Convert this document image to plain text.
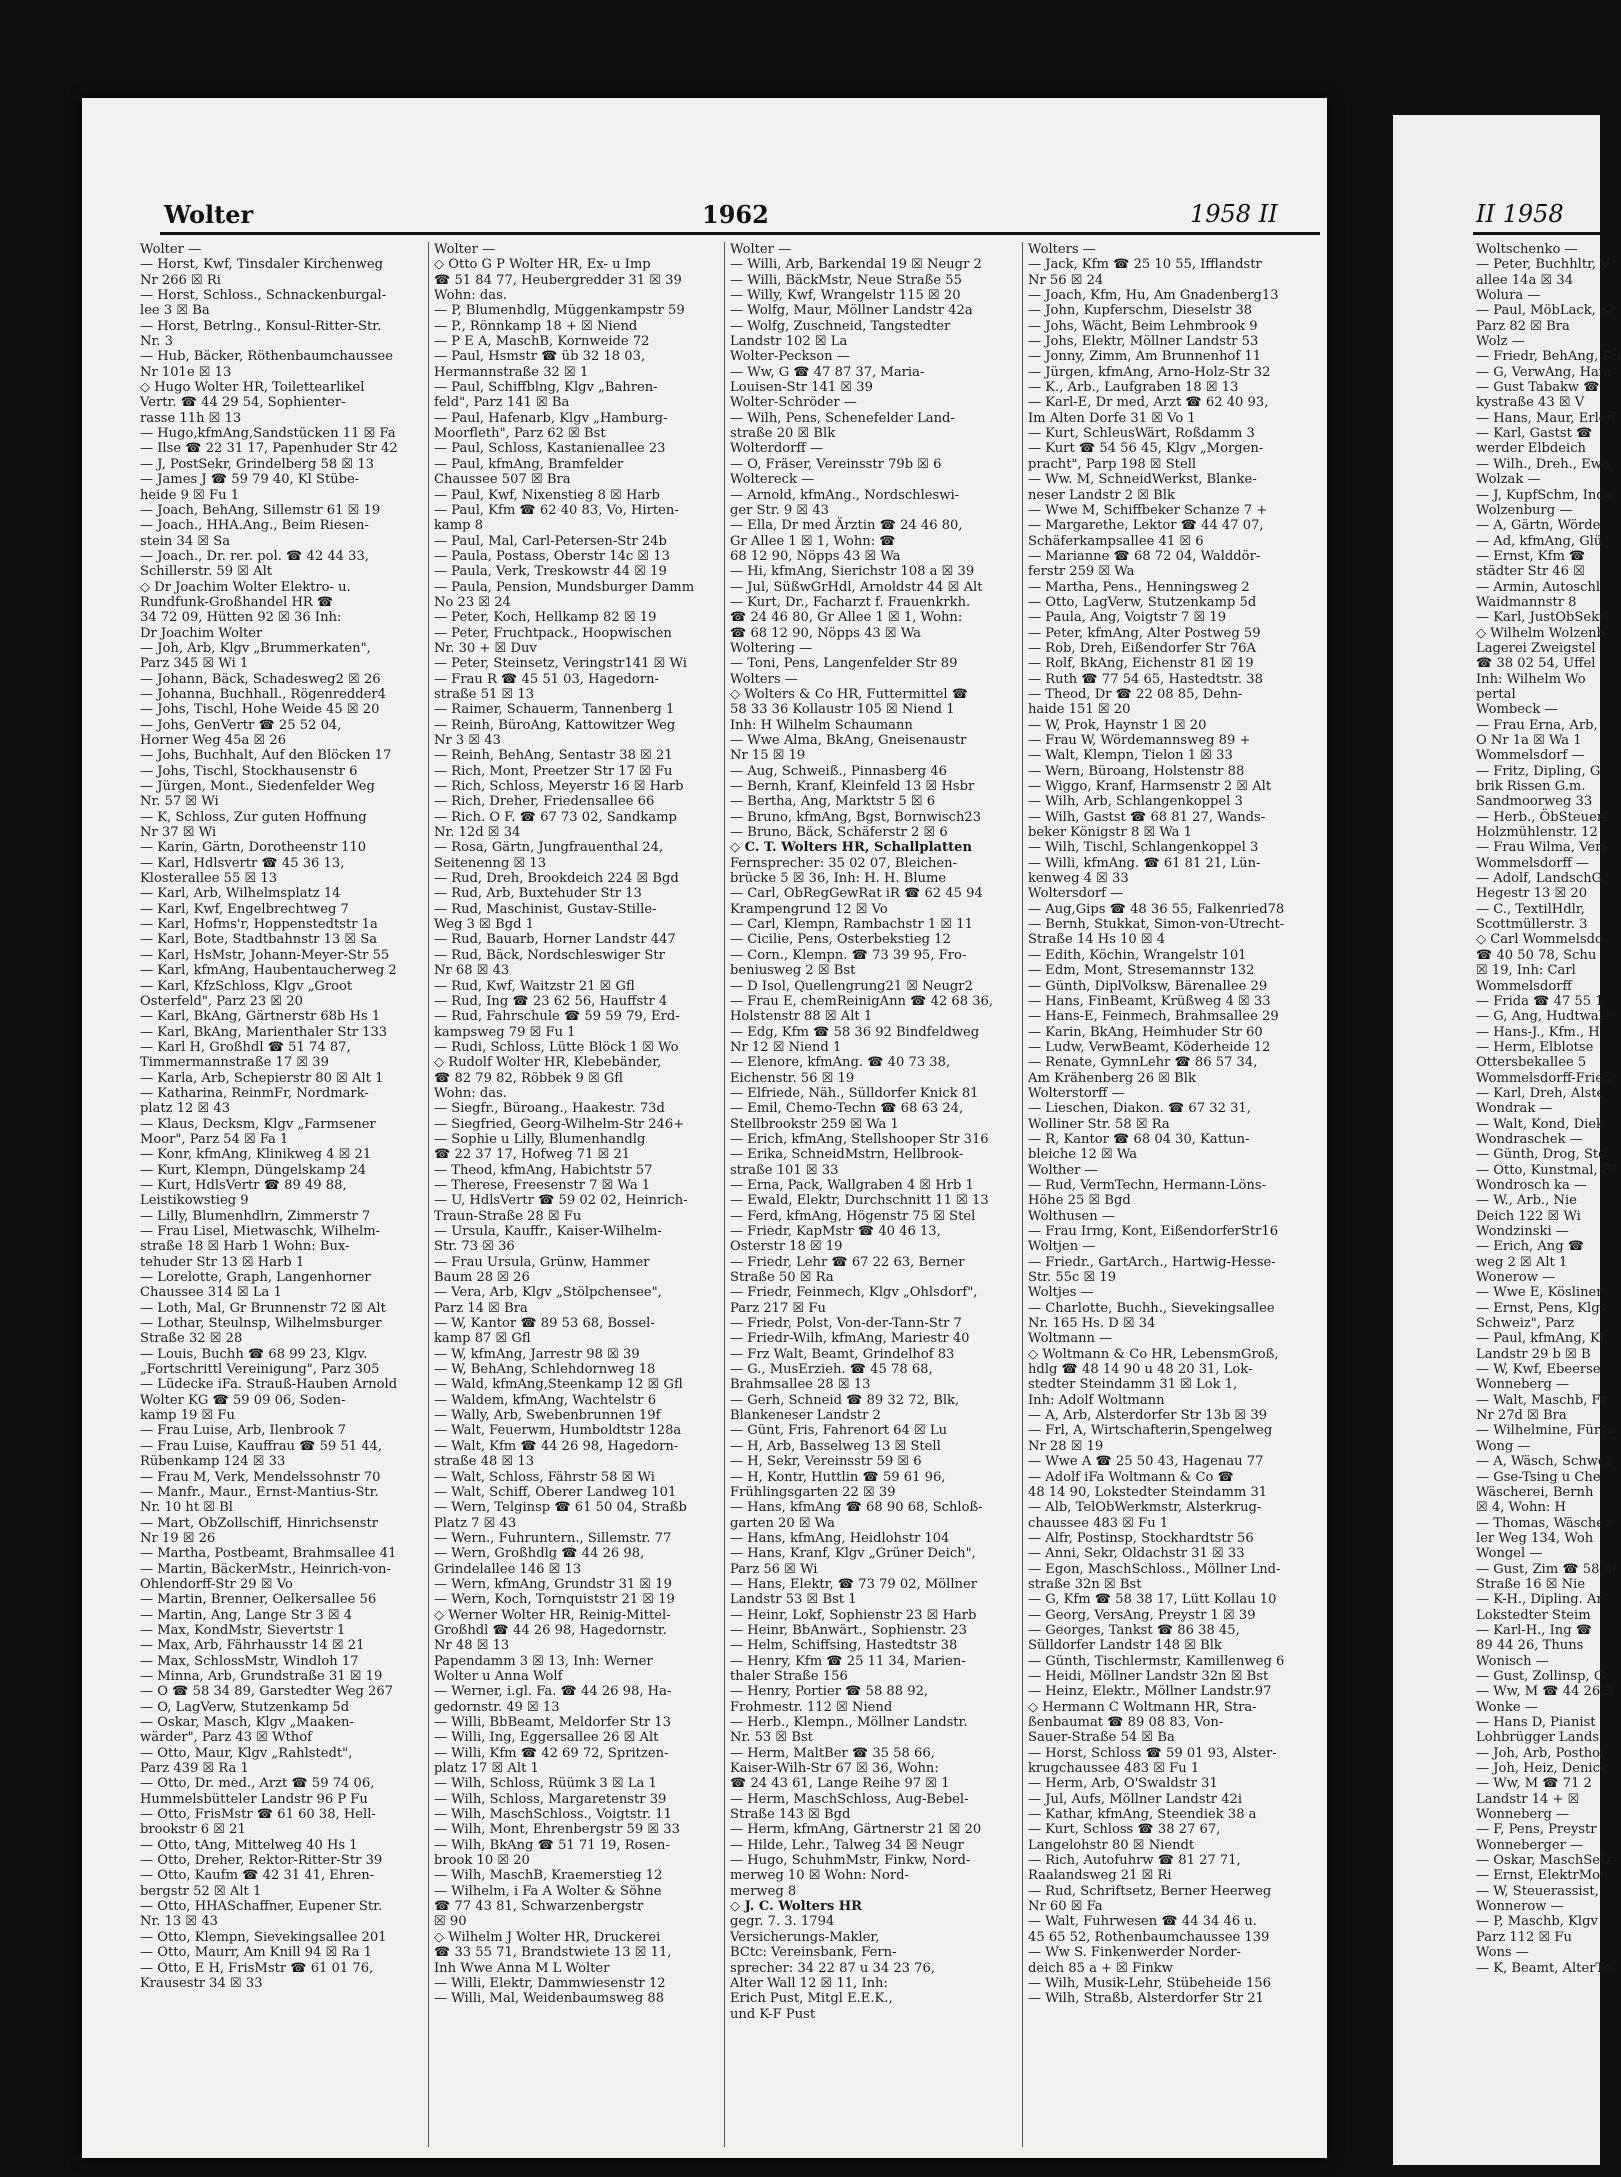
Wolter	1962	1958 II	II 1958
Wolter —
— Horst, Kwf, Tinsdaler Kirchenweg
Nr 266 ☒ Ri
— Horst, Schloss., Schnackenburgal-
lee 3 ☒ Ba
— Horst, Betrlng., Konsul-Ritter-Str.
Nr. 3
— Hub, Bäcker, Röthenbaumchaussee
Nr 101e ☒ 13
◇ Hugo Wolter HR, Toilettearlikel
Vertr. ☎ 44 29 54, Sophienter-
rasse 11h ☒ 13
— Hugo,kfmAng,Sandstücken 11 ☒ Fa
— Ilse ☎ 22 31 17, Papenhuder Str 42
— J, PostSekr, Grindelberg 58 ☒ 13
— James J ☎ 59 79 40, Kl Stübe-
heide 9 ☒ Fu 1
— Joach, BehAng, Sillemstr 61 ☒ 19
— Joach., HHA.Ang., Beim Riesen-
stein 34 ☒ Sa
— Joach., Dr. rer. pol. ☎ 42 44 33,
Schillerstr. 59 ☒ Alt
◇ Dr Joachim Wolter Elektro- u.
Rundfunk-Großhandel HR ☎
34 72 09, Hütten 92 ☒ 36 Inh:
Dr Joachim Wolter
— Joh, Arb, Klgv „Brummerkaten",
Parz 345 ☒ Wi 1
— Johann, Bäck, Schadesweg2 ☒ 26
— Johanna, Buchhall., Rögenredder4
— Johs, Tischl, Hohe Weide 45 ☒ 20
— Johs, GenVertr ☎ 25 52 04,
Horner Weg 45a ☒ 26
— Johs, Buchhalt, Auf den Blöcken 17
— Johs, Tischl, Stockhausenstr 6
— Jürgen, Mont., Siedenfelder Weg
Nr. 57 ☒ Wi
— K, Schloss, Zur guten Hoffnung
Nr 37 ☒ Wi
— Karin, Gärtn, Dorotheenstr 110
— Karl, Hdlsvertr ☎ 45 36 13,
Klosterallee 55 ☒ 13
— Karl, Arb, Wilhelmsplatz 14
— Karl, Kwf, Engelbrechtweg 7
— Karl, Hofms'r, Hoppenstedtstr 1a
— Karl, Bote, Stadtbahnstr 13 ☒ Sa
— Karl, HsMstr, Johann-Meyer-Str 55
— Karl, kfmAng, Haubentaucherweg 2
— Karl, KfzSchloss, Klgv „Groot
Osterfeld", Parz 23 ☒ 20
— Karl, BkAng, Gärtnerstr 68b Hs 1
— Karl, BkAng, Marienthaler Str 133
— Karl H, Großhdl ☎ 51 74 87,
Timmermannstraße 17 ☒ 39
— Karla, Arb, Schepierstr 80 ☒ Alt 1
— Katharina, ReinmFr, Nordmark-
platz 12 ☒ 43
— Klaus, Decksm, Klgv „Farmsener
Moor", Parz 54 ☒ Fa 1
— Konr, kfmAng, Klinikweg 4 ☒ 21
— Kurt, Klempn, Düngelskamp 24
— Kurt, HdlsVertr ☎ 89 49 88,
Leistikowstieg 9
— Lilly, Blumenhdlrn, Zimmerstr 7
— Frau Lisel, Mietwaschk, Wilhelm-
straße 18 ☒ Harb 1 Wohn: Bux-
tehuder Str 13 ☒ Harb 1
— Lorelotte, Graph, Langenhorner
Chaussee 314 ☒ La 1
— Loth, Mal, Gr Brunnenstr 72 ☒ Alt
— Lothar, Steulnsp, Wilhelmsburger
Straße 32 ☒ 28
— Louis, Buchh ☎ 68 99 23, Klgv.
„Fortschrittl Vereinigung", Parz 305
— Lüdecke iFa. Strauß-Hauben Arnold
Wolter KG ☎ 59 09 06, Soden-
kamp 19 ☒ Fu
— Frau Luise, Arb, Ilenbrook 7
— Frau Luise, Kauffrau ☎ 59 51 44,
Rübenkamp 124 ☒ 33
— Frau M, Verk, Mendelssohnstr 70
— Manfr., Maur., Ernst-Mantius-Str.
Nr. 10 ht ☒ Bl
— Mart, ObZollschiff, Hinrichsenstr
Nr 19 ☒ 26
— Martha, Postbeamt, Brahmsallee 41
— Martin, BäckerMstr., Heinrich-von-
Ohlendorff-Str 29 ☒ Vo
— Martin, Brenner, Oelkersallee 56
— Martin, Ang, Lange Str 3 ☒ 4
— Max, KondMstr, Sievertstr 1
— Max, Arb, Fährhausstr 14 ☒ 21
— Max, SchlossMstr, Windloh 17
— Minna, Arb, Grundstraße 31 ☒ 19
— O ☎ 58 34 89, Garstedter Weg 267
— O, LagVerw, Stutzenkamp 5d
— Oskar, Masch, Klgv „Maaken-
wärder", Parz 43 ☒ Wthof
— Otto, Maur, Klgv „Rahlstedt",
Parz 439 ☒ Ra 1
— Otto, Dr. med., Arzt ☎ 59 74 06,
Hummelsbütteler Landstr 96 P Fu
— Otto, FrisMstr ☎ 61 60 38, Hell-
brookstr 6 ☒ 21
— Otto, tAng, Mittelweg 40 Hs 1
— Otto, Dreher, Rektor-Ritter-Str 39
— Otto, Kaufm ☎ 42 31 41, Ehren-
bergstr 52 ☒ Alt 1
— Otto, HHASchaffner, Eupener Str.
Nr. 13 ☒ 43
— Otto, Klempn, Sievekingsallee 201
— Otto, Maurr, Am Knill 94 ☒ Ra 1
— Otto, E H, FrisMstr ☎ 61 01 76,
Krausestr 34 ☒ 33
Wolter —
◇ Otto G P Wolter HR, Ex- u Imp
☎ 51 84 77, Heubergredder 31 ☒ 39
Wohn: das.
— P, Blumenhdlg, Müggenkampstr 59
— P., Rönnkamp 18 + ☒ Niend
— P E A, MaschB, Kornweide 72
— Paul, Hsmstr ☎ üb 32 18 03,
Hermannstraße 32 ☒ 1
— Paul, Schiffblng, Klgv „Bahren-
feld", Parz 141 ☒ Ba
— Paul, Hafenarb, Klgv „Hamburg-
Moorfleth", Parz 62 ☒ Bst
— Paul, Schloss, Kastanienallee 23
— Paul, kfmAng, Bramfelder
Chaussee 507 ☒ Bra
— Paul, Kwf, Nixenstieg 8 ☒ Harb
— Paul, Kfm ☎ 62 40 83, Vo, Hirten-
kamp 8
— Paul, Mal, Carl-Petersen-Str 24b
— Paula, Postass, Oberstr 14c ☒ 13
— Paula, Verk, Treskowstr 44 ☒ 19
— Paula, Pension, Mundsburger Damm
No 23 ☒ 24
— Peter, Koch, Hellkamp 82 ☒ 19
— Peter, Fruchtpack., Hoopwischen
Nr. 30 + ☒ Duv
— Peter, Steinsetz, Veringstr141 ☒ Wi
— Frau R ☎ 45 51 03, Hagedorn-
straße 51 ☒ 13
— Raimer, Schauerm, Tannenberg 1
— Reinh, BüroAng, Kattowitzer Weg
Nr 3 ☒ 43
— Reinh, BehAng, Sentastr 38 ☒ 21
— Rich, Mont, Preetzer Str 17 ☒ Fu
— Rich, Schloss, Meyerstr 16 ☒ Harb
— Rich, Dreher, Friedensallee 66
— Rich. O F. ☎ 67 73 02, Sandkamp
Nr. 12d ☒ 34
— Rosa, Gärtn, Jungfrauenthal 24,
Seitenenng ☒ 13
— Rud, Dreh, Brookdeich 224 ☒ Bgd
— Rud, Arb, Buxtehuder Str 13
— Rud, Maschinist, Gustav-Stille-
Weg 3 ☒ Bgd 1
— Rud, Bauarb, Horner Landstr 447
— Rud, Bäck, Nordschleswiger Str
Nr 68 ☒ 43
— Rud, Kwf, Waitzstr 21 ☒ Gfl
— Rud, Ing ☎ 23 62 56, Hauffstr 4
— Rud, Fahrschule ☎ 59 59 79, Erd-
kampsweg 79 ☒ Fu 1
— Rudi, Schloss, Lütte Blöck 1 ☒ Wo
◇ Rudolf Wolter HR, Klebebänder,
☎ 82 79 82, Röbbek 9 ☒ Gfl
Wohn: das.
— Siegfr., Büroang., Haakestr. 73d
— Siegfried, Georg-Wilhelm-Str 246+
— Sophie u Lilly, Blumenhandlg
☎ 22 37 17, Hofweg 71 ☒ 21
— Theod, kfmAng, Habichtstr 57
— Therese, Freesenstr 7 ☒ Wa 1
— U, HdlsVertr ☎ 59 02 02, Heinrich-
Traun-Straße 28 ☒ Fu
— Ursula, Kauffr., Kaiser-Wilhelm-
Str. 73 ☒ 36
— Frau Ursula, Grünw, Hammer
Baum 28 ☒ 26
— Vera, Arb, Klgv „Stölpchensee",
Parz 14 ☒ Bra
— W, Kantor ☎ 89 53 68, Bossel-
kamp 87 ☒ Gfl
— W, kfmAng, Jarrestr 98 ☒ 39
— W, BehAng, Schlehdornweg 18
— Wald, kfmAng,Steenkamp 12 ☒ Gfl
— Waldem, kfmAng, Wachtelstr 6
— Wally, Arb, Swebenbrunnen 19f
— Walt, Feuerwm, Humboldtstr 128a
— Walt, Kfm ☎ 44 26 98, Hagedorn-
straße 48 ☒ 13
— Walt, Schloss, Fährstr 58 ☒ Wi
— Walt, Schiff, Oberer Landweg 101
— Wern, Telginsp ☎ 61 50 04, Straßb
Platz 7 ☒ 43
— Wern., Fuhruntern., Sillemstr. 77
— Wern, Großhdlg ☎ 44 26 98,
Grindelallee 146 ☒ 13
— Wern, kfmAng, Grundstr 31 ☒ 19
— Wern, Koch, Tornquiststr 21 ☒ 19
◇ Werner Wolter HR, Reinig-Mittel-
Großhdl ☎ 44 26 98, Hagedornstr.
Nr 48 ☒ 13
Papendamm 3 ☒ 13, Inh: Werner
Wolter u Anna Wolf
— Werner, i.gl. Fa. ☎ 44 26 98, Ha-
gedornstr. 49 ☒ 13
— Willi, BbBeamt, Meldorfer Str 13
— Willi, Ing, Eggersallee 26 ☒ Alt
— Willi, Kfm ☎ 42 69 72, Spritzen-
platz 17 ☒ Alt 1
— Wilh, Schloss, Rüümk 3 ☒ La 1
— Wilh, Schloss, Margaretenstr 39
— Wilh, MaschSchloss., Voigtstr. 11
— Wilh, Mont, Ehrenbergstr 59 ☒ 33
— Wilh, BkAng ☎ 51 71 19, Rosen-
brook 10 ☒ 20
— Wilh, MaschB, Kraemerstieg 12
— Wilhelm, i Fa A Wolter & Söhne
☎ 77 43 81, Schwarzenbergstr
☒ 90
◇ Wilhelm J Wolter HR, Druckerei
☎ 33 55 71, Brandstwiete 13 ☒ 11,
Inh Wwe Anna M L Wolter
— Willi, Elektr, Dammwiesenstr 12
— Willi, Mal, Weidenbaumsweg 88
Wolter —
— Willi, Arb, Barkendal 19 ☒ Neugr 2
— Willi, BäckMstr, Neue Straße 55
— Willy, Kwf, Wrangelstr 115 ☒ 20
— Wolfg, Maur, Möllner Landstr 42a
— Wolfg, Zuschneid, Tangstedter
Landstr 102 ☒ La
Wolter-Peckson —
— Ww, G ☎ 47 87 37, Maria-
Louisen-Str 141 ☒ 39
Wolter-Schröder —
— Wilh, Pens, Schenefelder Land-
straße 20 ☒ Blk
Wolterdorff —
— O, Fräser, Vereinsstr 79b ☒ 6
Woltereck —
— Arnold, kfmAng., Nordschleswi-
ger Str. 9 ☒ 43
— Ella, Dr med Ärztin ☎ 24 46 80,
Gr Allee 1 ☒ 1, Wohn: ☎
68 12 90, Nöpps 43 ☒ Wa
— Hi, kfmAng, Sierichstr 108 a ☒ 39
— Jul, SüßwGrHdl, Arnoldstr 44 ☒ Alt
— Kurt, Dr., Facharzt f. Frauenkrkh.
☎ 24 46 80, Gr Allee 1 ☒ 1, Wohn:
☎ 68 12 90, Nöpps 43 ☒ Wa
Woltering —
— Toni, Pens, Langenfelder Str 89
Wolters —
◇ Wolters & Co HR, Futtermittel ☎
58 33 36 Kollaustr 105 ☒ Niend 1
Inh: H Wilhelm Schaumann
— Wwe Alma, BkAng, Gneisenaustr
Nr 15 ☒ 19
— Aug, Schweiß., Pinnasberg 46
— Bernh, Kranf, Kleinfeld 13 ☒ Hsbr
— Bertha, Ang, Marktstr 5 ☒ 6
— Bruno, kfmAng, Bgst, Bornwisch23
— Bruno, Bäck, Schäferstr 2 ☒ 6
◇ C. T. Wolters HR, Schallplatten
Fernsprecher: 35 02 07, Bleichen-
brücke 5 ☒ 36, Inh: H. H. Blume
— Carl, ObRegGewRat iR ☎ 62 45 94
Krampengrund 12 ☒ Vo
— Carl, Klempn, Rambachstr 1 ☒ 11
— Cicilie, Pens, Osterbekstieg 12
— Corn., Klempn. ☎ 73 39 95, Fro-
beniusweg 2 ☒ Bst
— D Isol, Quellengrung21 ☒ Neugr2
— Frau E, chemReinigAnn ☎ 42 68 36,
Holstenstr 88 ☒ Alt 1
— Edg, Kfm ☎ 58 36 92 Bindfeldweg
Nr 12 ☒ Niend 1
— Elenore, kfmAng. ☎ 40 73 38,
Eichenstr. 56 ☒ 19
— Elfriede, Näh., Sülldorfer Knick 81
— Emil, Chemo-Techn ☎ 68 63 24,
Stellbrookstr 259 ☒ Wa 1
— Erich, kfmAng, Stellshooper Str 316
— Erika, SchneidMstrn, Hellbrook-
straße 101 ☒ 33
— Erna, Pack, Wallgraben 4 ☒ Hrb 1
— Ewald, Elektr, Durchschnitt 11 ☒ 13
— Ferd, kfmAng, Högenstr 75 ☒ Stel
— Friedr, KapMstr ☎ 40 46 13,
Osterstr 18 ☒ 19
— Friedr, Lehr ☎ 67 22 63, Berner
Straße 50 ☒ Ra
— Friedr, Feinmech, Klgv „Ohlsdorf",
Parz 217 ☒ Fu
— Friedr, Polst, Von-der-Tann-Str 7
— Friedr-Wilh, kfmAng, Mariestr 40
— Frz Walt, Beamt, Grindelhof 83
— G., MusErzieh. ☎ 45 78 68,
Brahmsallee 28 ☒ 13
— Gerh, Schneid ☎ 89 32 72, Blk,
Blankeneser Landstr 2
— Günt, Fris, Fahrenort 64 ☒ Lu
— H, Arb, Basselweg 13 ☒ Stell
— H, Sekr, Vereinsstr 59 ☒ 6
— H, Kontr, Huttlin ☎ 59 61 96,
Frühlingsgarten 22 ☒ 39
— Hans, kfmAng ☎ 68 90 68, Schloß-
garten 20 ☒ Wa
— Hans, kfmAng, Heidlohstr 104
— Hans, Kranf, Klgv „Grüner Deich",
Parz 56 ☒ Wi
— Hans, Elektr, ☎ 73 79 02, Möllner
Landstr 53 ☒ Bst 1
— Heinr, Lokf, Sophienstr 23 ☒ Harb
— Heinr, BbAnwärt., Sophienstr. 23
— Helm, Schiffsing, Hastedtstr 38
— Henry, Kfm ☎ 25 11 34, Marien-
thaler Straße 156
— Henry, Portier ☎ 58 88 92,
Frohmestr. 112 ☒ Niend
— Herb., Klempn., Möllner Landstr.
Nr. 53 ☒ Bst
— Herm, MaltBer ☎ 35 58 66,
Kaiser-Wilh-Str 67 ☒ 36, Wohn:
☎ 24 43 61, Lange Reihe 97 ☒ 1
— Herm, MaschSchloss, Aug-Bebel-
Straße 143 ☒ Bgd
— Herm, kfmAng, Gärtnerstr 21 ☒ 20
— Hilde, Lehr., Talweg 34 ☒ Neugr
— Hugo, SchuhmMstr, Finkw, Nord-
merweg 10 ☒ Wohn: Nord-
merweg 8
◇ J. C. Wolters HR
gegr. 7. 3. 1794
Versicherungs-Makler,
BCtc: Vereinsbank, Fern-
sprecher: 34 22 87 u 34 23 76,
Alter Wall 12 ☒ 11, Inh:
Erich Pust, Mitgl E.E.K.,
und K-F Pust
Wolters —
— Jack, Kfm ☎ 25 10 55, Ifflandstr
Nr 56 ☒ 24
— Joach, Kfm, Hu, Am Gnadenberg13
— John, Kupferschm, Dieselstr 38
— Johs, Wächt, Beim Lehmbrook 9
— Johs, Elektr, Möllner Landstr 53
— Jonny, Zimm, Am Brunnenhof 11
— Jürgen, kfmAng, Arno-Holz-Str 32
— K., Arb., Laufgraben 18 ☒ 13
— Karl-E, Dr med, Arzt ☎ 62 40 93,
Im Alten Dorfe 31 ☒ Vo 1
— Kurt, SchleusWärt, Roßdamm 3
— Kurt ☎ 54 56 45, Klgv „Morgen-
pracht", Parp 198 ☒ Stell
— Ww. M, SchneidWerkst, Blanke-
neser Landstr 2 ☒ Blk
— Wwe M, Schiffbeker Schanze 7 +
— Margarethe, Lektor ☎ 44 47 07,
Schäferkampsallee 41 ☒ 6
— Marianne ☎ 68 72 04, Walddör-
ferstr 259 ☒ Wa
— Martha, Pens., Henningsweg 2
— Otto, LagVerw, Stutzenkamp 5d
— Paula, Ang, Voigtstr 7 ☒ 19
— Peter, kfmAng, Alter Postweg 59
— Rob, Dreh, Eißendorfer Str 76A
— Rolf, BkAng, Eichenstr 81 ☒ 19
— Ruth ☎ 77 54 65, Hastedtstr. 38
— Theod, Dr ☎ 22 08 85, Dehn-
haide 151 ☒ 20
— W, Prok, Haynstr 1 ☒ 20
— Frau W, Wördemannsweg 89 +
— Walt, Klempn, Tielon 1 ☒ 33
— Wern, Büroang, Holstenstr 88
— Wiggo, Kranf, Harmsenstr 2 ☒ Alt
— Wilh, Arb, Schlangenkoppel 3
— Wilh, Gastst ☎ 68 81 27, Wands-
beker Königstr 8 ☒ Wa 1
— Wilh, Tischl, Schlangenkoppel 3
— Willi, kfmAng. ☎ 61 81 21, Lün-
kenweg 4 ☒ 33
Woltersdorf —
— Aug,Gips ☎ 48 36 55, Falkenried78
— Bernh, Stukkat, Simon-von-Utrecht-
Straße 14 Hs 10 ☒ 4
— Edith, Köchin, Wrangelstr 101
— Edm, Mont, Stresemannstr 132
— Günth, DiplVolksw, Bärenallee 29
— Hans, FinBeamt, Krüßweg 4 ☒ 33
— Hans-E, Feinmech, Brahmsallee 29
— Karin, BkAng, Heimhuder Str 60
— Ludw, VerwBeamt, Köderheide 12
— Renate, GymnLehr ☎ 86 57 34,
Am Krähenberg 26 ☒ Blk
Wolterstorff —
— Lieschen, Diakon. ☎ 67 32 31,
Wolliner Str. 58 ☒ Ra
— R, Kantor ☎ 68 04 30, Kattun-
bleiche 12 ☒ Wa
Wolther —
— Rud, VermTechn, Hermann-Löns-
Höhe 25 ☒ Bgd
Wolthusen —
— Frau Irmg, Kont, EißendorferStr16
Woltjen —
— Friedr., GartArch., Hartwig-Hesse-
Str. 55c ☒ 19
Woltjes —
— Charlotte, Buchh., Sievekingsallee
Nr. 165 Hs. D ☒ 34
Woltmann —
◇ Woltmann & Co HR, LebensmGroß,
hdlg ☎ 48 14 90 u 48 20 31, Lok-
stedter Steindamm 31 ☒ Lok 1,
Inh: Adolf Woltmann
— A, Arb, Alsterdorfer Str 13b ☒ 39
— Frl, A, Wirtschafterin,Spengelweg
Nr 28 ☒ 19
— Wwe A ☎ 25 50 43, Hagenau 77
— Adolf iFa Woltmann & Co ☎
48 14 90, Lokstedter Steindamm 31
— Alb, TelObWerkmstr, Alsterkrug-
chaussee 483 ☒ Fu 1
— Alfr, Postinsp, Stockhardtstr 56
— Anni, Sekr, Oldachstr 31 ☒ 33
— Egon, MaschSchloss., Möllner Lnd-
straße 32n ☒ Bst
— G, Kfm ☎ 58 38 17, Lütt Kollau 10
— Georg, VersAng, Preystr 1 ☒ 39
— Georges, Tankst ☎ 86 38 45,
Sülldorfer Landstr 148 ☒ Blk
— Günth, Tischlermstr, Kamillenweg 6
— Heidi, Möllner Landstr 32n ☒ Bst
— Heinz, Elektr., Möllner Landstr.97
◇ Hermann C Woltmann HR, Stra-
ßenbaumat ☎ 89 08 83, Von-
Sauer-Straße 54 ☒ Ba
— Horst, Schloss ☎ 59 01 93, Alster-
krugchaussee 483 ☒ Fu 1
— Herm, Arb, O'Swaldstr 31
— Jul, Aufs, Möllner Landstr 42i
— Kathar, kfmAng, Steendiek 38 a
— Kurt, Schloss ☎ 38 27 67,
Langelohstr 80 ☒ Niendt
— Rich, Autofuhrw ☎ 81 27 71,
Raalandsweg 21 ☒ Ri
— Rud, Schriftsetz, Berner Heerweg
Nr 60 ☒ Fa
— Walt, Fuhrwesen ☎ 44 34 46 u.
45 65 52, Rothenbaumchaussee 139
— Ww S. Finkenwerder Norder-
deich 85 a + ☒ Finkw
— Wilh, Musik-Lehr, Stübeheide 156
— Wilh, Straßb, Alsterdorfer Str 21
Woltschenko —
— Peter, Buchhltr, V
allee 14a ☒ 34
Wolura —
— Paul, MöbLack, Kl
Parz 82 ☒ Bra
Wolz —
— Friedr, BehAng, Ru
— G, VerwAng, Ham
— Gust Tabakw ☎
kystraße 43 ☒ V
— Hans, Maur, Erlen
— Karl, Gastst ☎
werder Elbdeich
— Wilh., Dreh., Ewa
Wolzak —
— J, KupfSchm, Indu
Wolzenburg —
— A, Gärtn, Wörde
— Ad, kfmAng, Glü
— Ernst, Kfm ☎
städter Str 46 ☒
— Armin, Autoschl
Waidmannstr 8
— Karl, JustObSekr,
◇ Wilhelm Wolzenb
Lagerei Zweigstel
☎ 38 02 54, Uffel
Inh: Wilhelm Wo
pertal
Wombeck —
— Frau Erna, Arb,
O Nr 1a ☒ Wa 1
Wommelsdorf —
— Fritz, Dipling, G
brik Rissen G.m.
Sandmoorweg 33
— Herb., ÖbSteuerI
Holzmühlenstr. 12
— Frau Wilma, Verl
Wommelsdorff —
— Adolf, LandschG
Hegestr 13 ☒ 20
— C., TextilHdlr,
Scottmüllerstr. 3
◇ Carl Wommelsdo
☎ 40 50 78, Schu
☒ 19, Inh: Carl
Wommelsdorff
— Frida ☎ 47 55 1
— G, Ang, Hudtwalc
— Hans-J., Kfm., H
— Herm, Elblotse
Ottersbekallee 5
Wommelsdorff-Friedr
— Karl, Dreh, Alste
Wondrak —
— Walt, Kond, Diek
Wondraschek —
— Günth, Drog, Ste
— Otto, Kunstmal, F
Wondrosch ka —
— W., Arb., Nie
Deich 122 ☒ Wi
Wondzinski —
— Erich, Ang ☎
weg 2 ☒ Alt 1
Wonerow —
— Wwe E, Kösliner
— Ernst, Pens, Klgv
Schweiz", Parz
— Paul, kfmAng, Kl
Landstr 29 b ☒ B
— W, Kwf, Ebeerse
Wonneberg —
— Walt, Maschb, Fr
Nr 27d ☒ Bra
— Wilhelmine, Fürsc
Wong —
— A, Wäsch, Schwei
— Gse-Tsing u Che
Wäscherei, Bernh
☒ 4, Wohn: H
— Thomas, Wäscher
ler Weg 134, Woh
Wongel —
— Gust, Zim ☎ 58 8
Straße 16 ☒ Nie
— K-H., Dipling. Ar
Lokstedter Steim
— Karl-H., Ing ☎
89 44 26, Thuns
Wonisch —
— Gust, Zollinsp, G
— Ww, M ☎ 44 26 3
Wonke —
— Hans D, Pianist
Lohbrügger Lands
— Joh, Arb, Posthof
— Joh, Heiz, Denick
— Ww, M ☎ 71 2
Landstr 14 + ☒
Wonneberg —
— F, Pens, Preystr
Wonneberger —
— Oskar, MaschSetz
— Ernst, ElektrMon
— W, Steuerassist,
Wonnerow —
— P, Maschb, Klgv
Parz 112 ☒ Fu
Wons —
— K, Beamt, AlterTe
